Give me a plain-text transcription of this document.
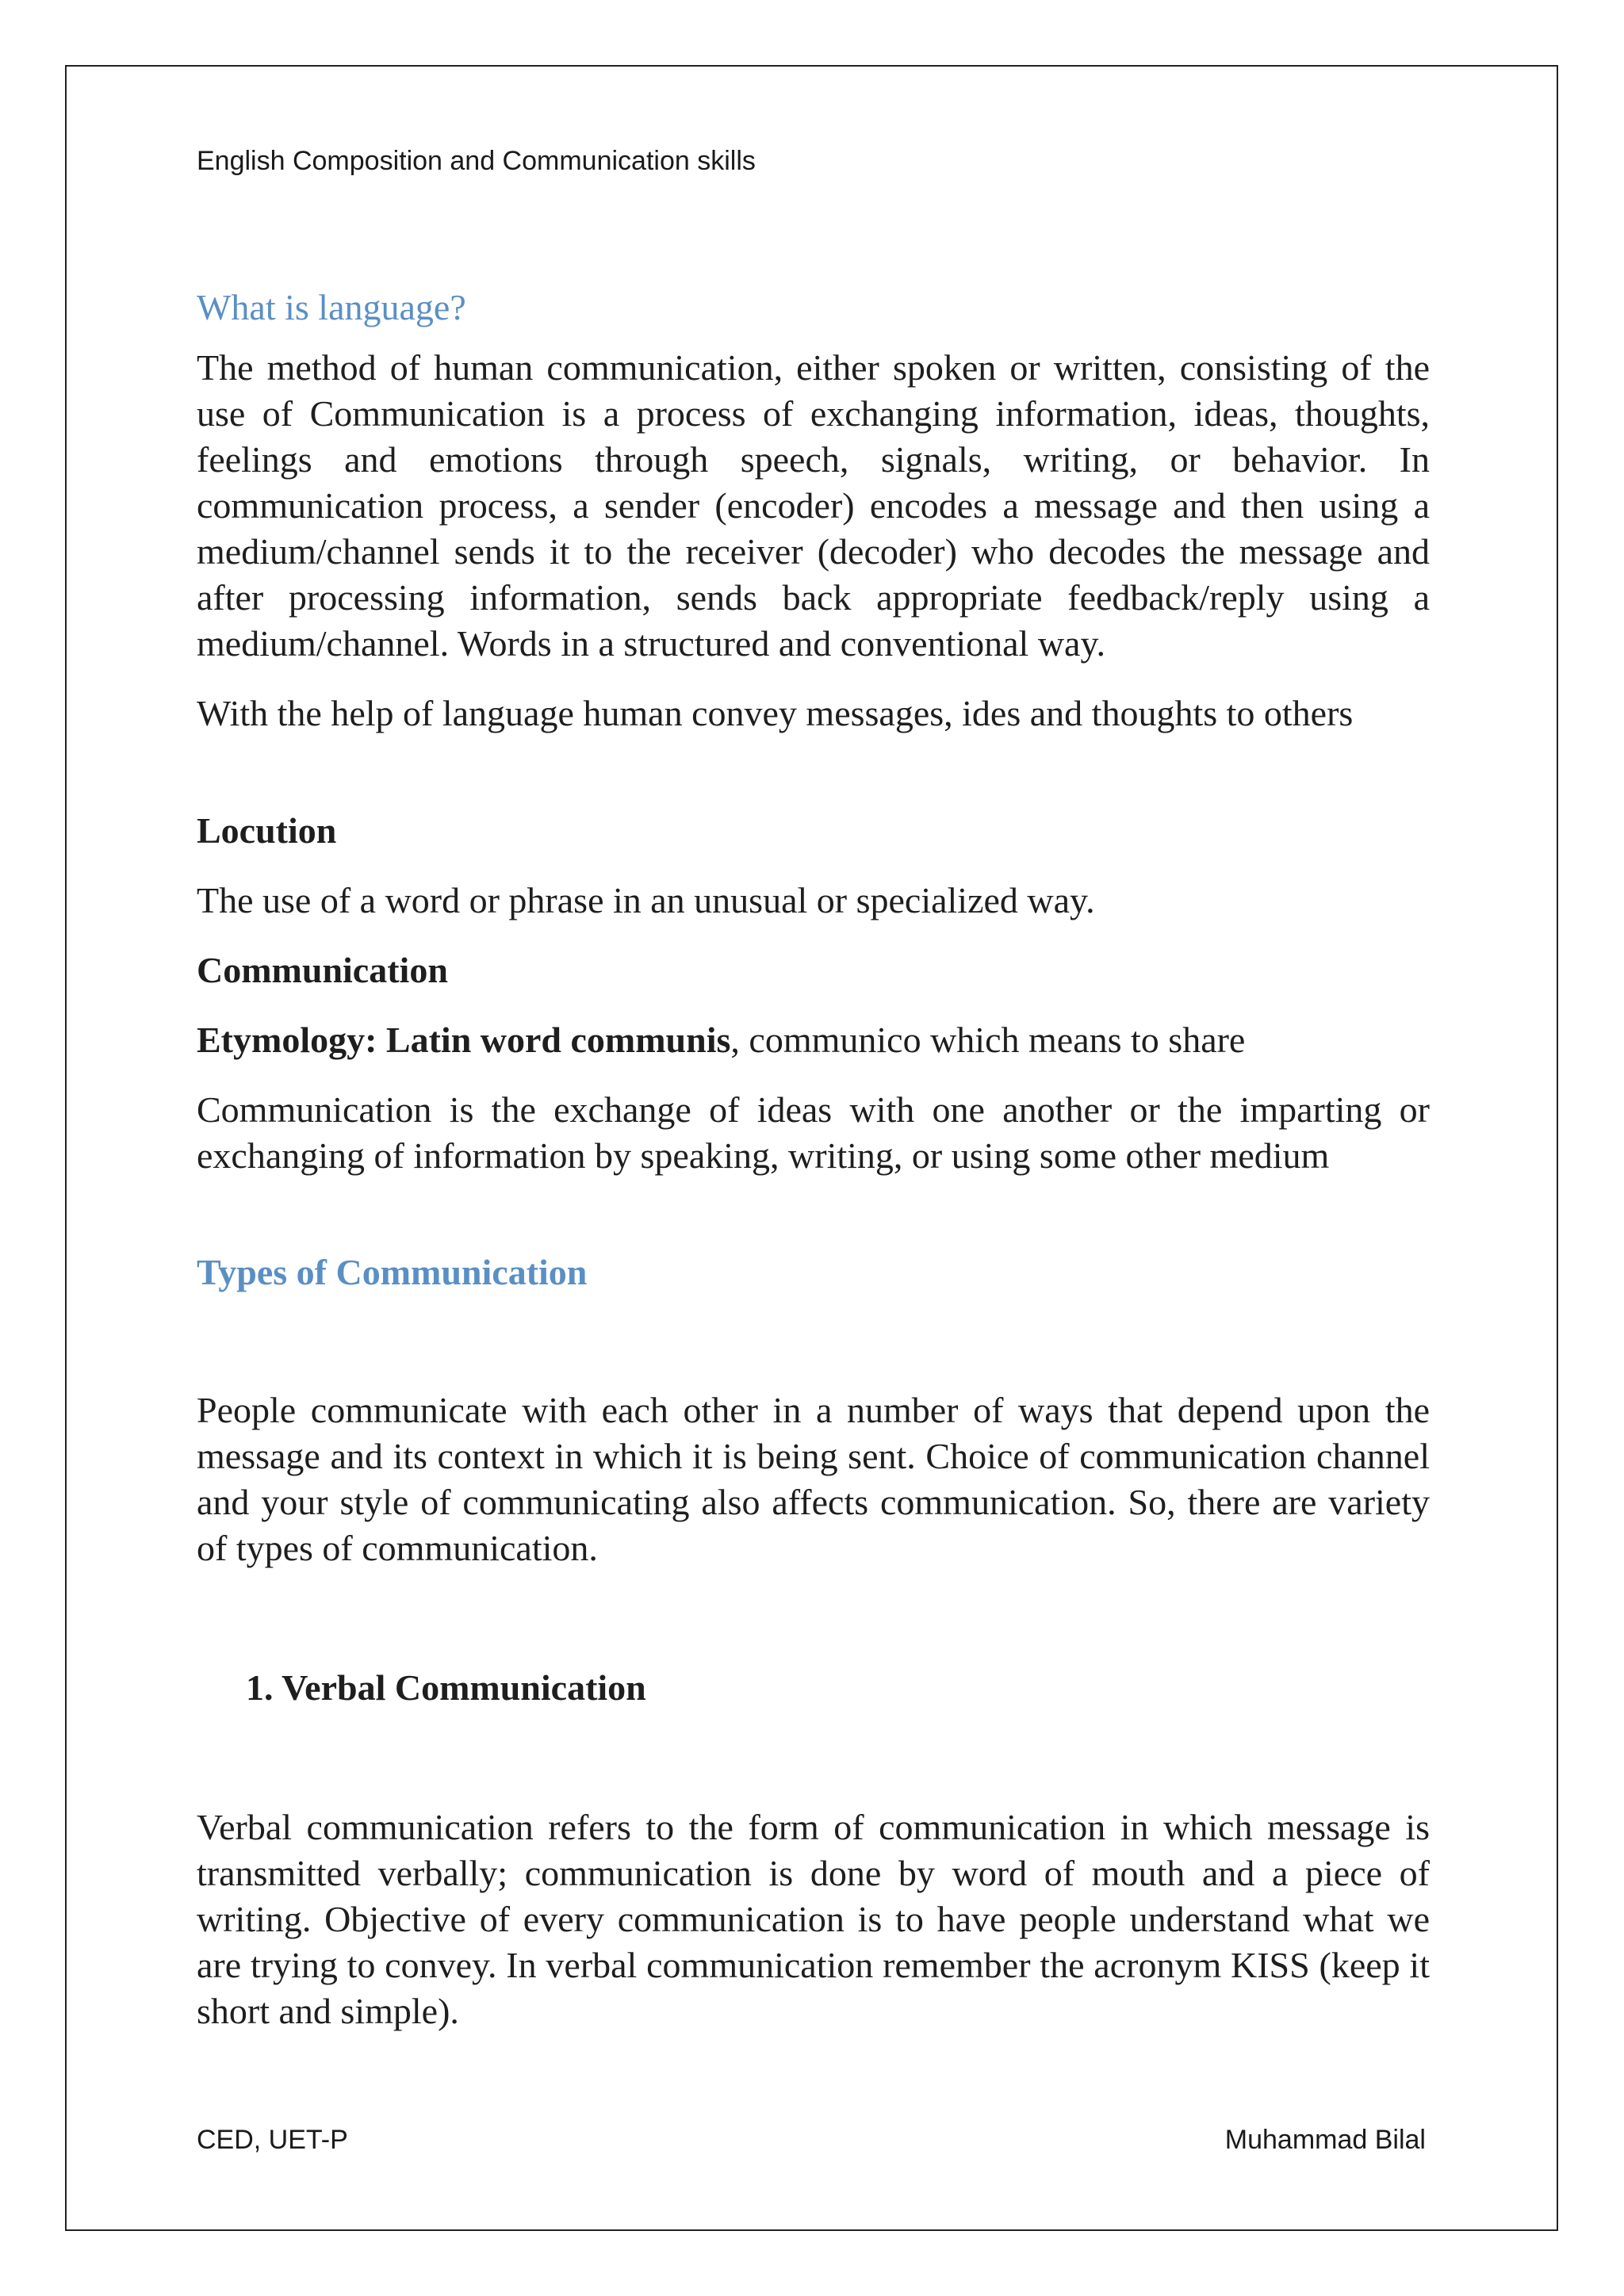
English Composition and Communication skills
What is language?

The method of human communication, either spoken or written, consisting of the use of Communication is a process of exchanging information, ideas, thoughts, feelings and emotions through speech, signals, writing, or behavior. In communication process, a sender (encoder) encodes a message and then using a medium/channel sends it to the receiver (decoder) who decodes the message and after processing information, sends back appropriate feedback/reply using a medium/channel. Words in a structured and conventional way.

With the help of language human convey messages, ides and thoughts to others

Locution

The use of a word or phrase in an unusual or specialized way.

Communication

Etymology: Latin word communis, communico which means to share

Communication is the exchange of ideas with one another or the imparting or exchanging of information by speaking, writing, or using some other medium

Types of Communication

People communicate with each other in a number of ways that depend upon the message and its context in which it is being sent. Choice of communication channel and your style of communicating also affects communication. So, there are variety of types of communication.

1. Verbal Communication

Verbal communication refers to the form of communication in which message is transmitted verbally; communication is done by word of mouth and a piece of writing. Objective of every communication is to have people understand what we are trying to convey. In verbal communication remember the acronym KISS (keep it short and simple).

CED, UET-P	Muhammad Bilal
